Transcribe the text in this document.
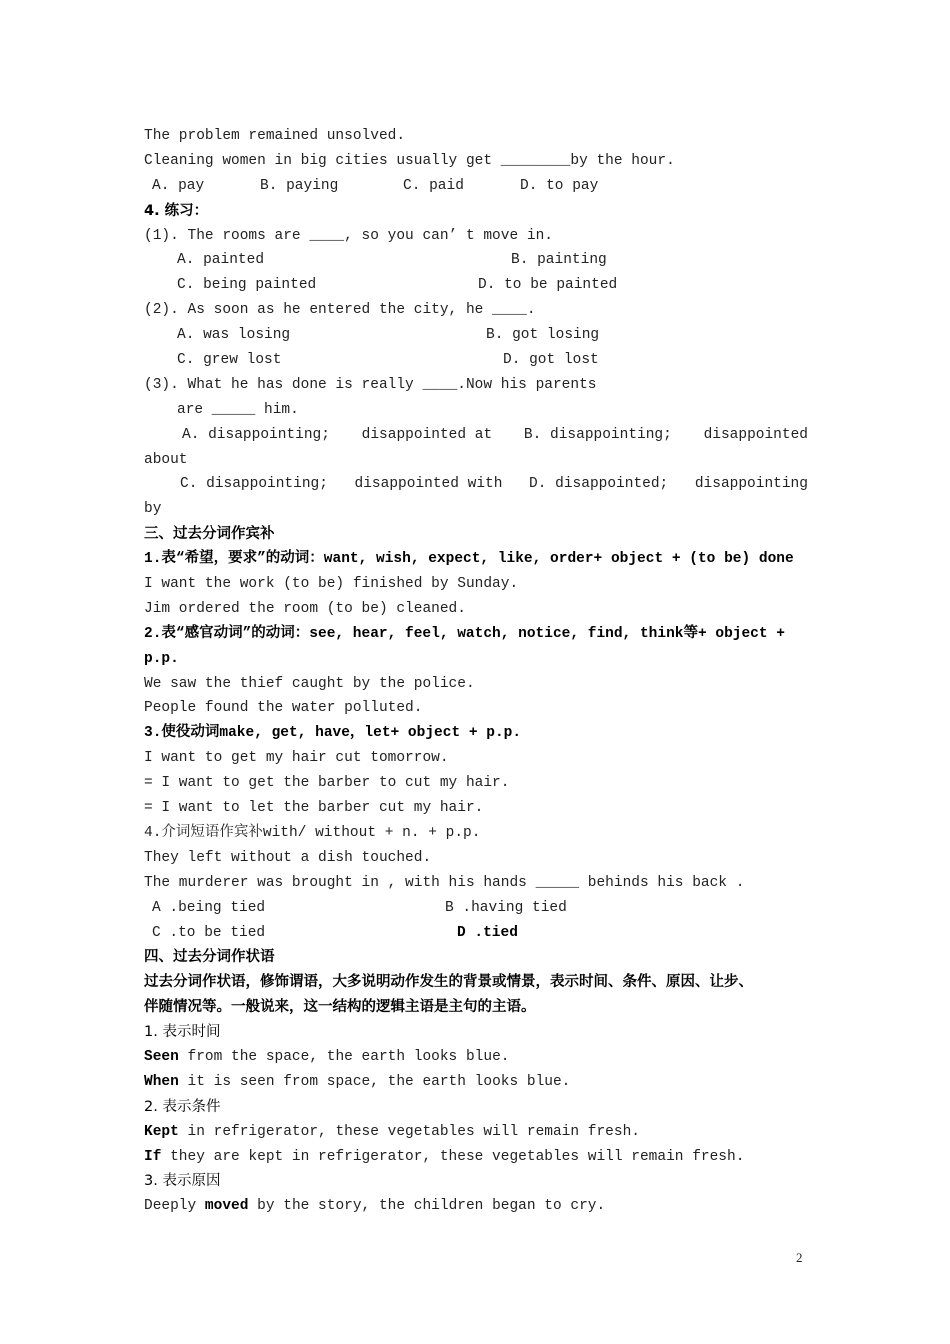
The problem remained unsolved.
Cleaning women in big cities usually get ________by the hour.
A. pay	B. paying	C. paid	D. to pay
4. 练习：
(1). The rooms are ____, so you can’ t move in.
A. painted	B. painting
C. being painted	D. to be painted
(2). As soon as he entered the city, he ____.
A. was losing	B. got losing
C. grew lost	D. got lost
(3). What he has done is really ____.Now his parents
are _____ him.
A. disappointing; disappointed at B. disappointing; disappointed
about
C. disappointing; disappointed with D. disappointed; disappointing
by
三、过去分词作宾补
1.表“希望，要求”的动词：want, wish, expect, like, order+ object + (to be) done
I want the work (to be) finished by Sunday.
Jim ordered the room (to be) cleaned.
2.表“感官动词”的动词：see, hear, feel, watch, notice, find, think等+ object +
p.p.
We saw the thief caught by the police.
People found the water polluted.
3.使役动词make, get, have，let+ object + p.p.
I want to get my hair cut tomorrow.
= I want to get the barber to cut my hair.
= I want to let the barber cut my hair.
4.介词短语作宾补with/ without + n. + p.p.
They left without a dish touched.
The murderer was brought in , with his hands _____ behinds his back .
A .being tied	B .having tied
C .to be tied	D .tied
四、过去分词作状语
过去分词作状语，修饰谓语，大多说明动作发生的背景或情景，表示时间、条件、原因、让步、
伴随情况等。一般说来，这一结构的逻辑主语是主句的主语。
1. 表示时间
Seen from the space, the earth looks blue.
When it is seen from space, the earth looks blue.
2. 表示条件
Kept in refrigerator, these vegetables will remain fresh.
If they are kept in refrigerator, these vegetables will remain fresh.
3. 表示原因
Deeply moved by the story, the children began to cry.
2
